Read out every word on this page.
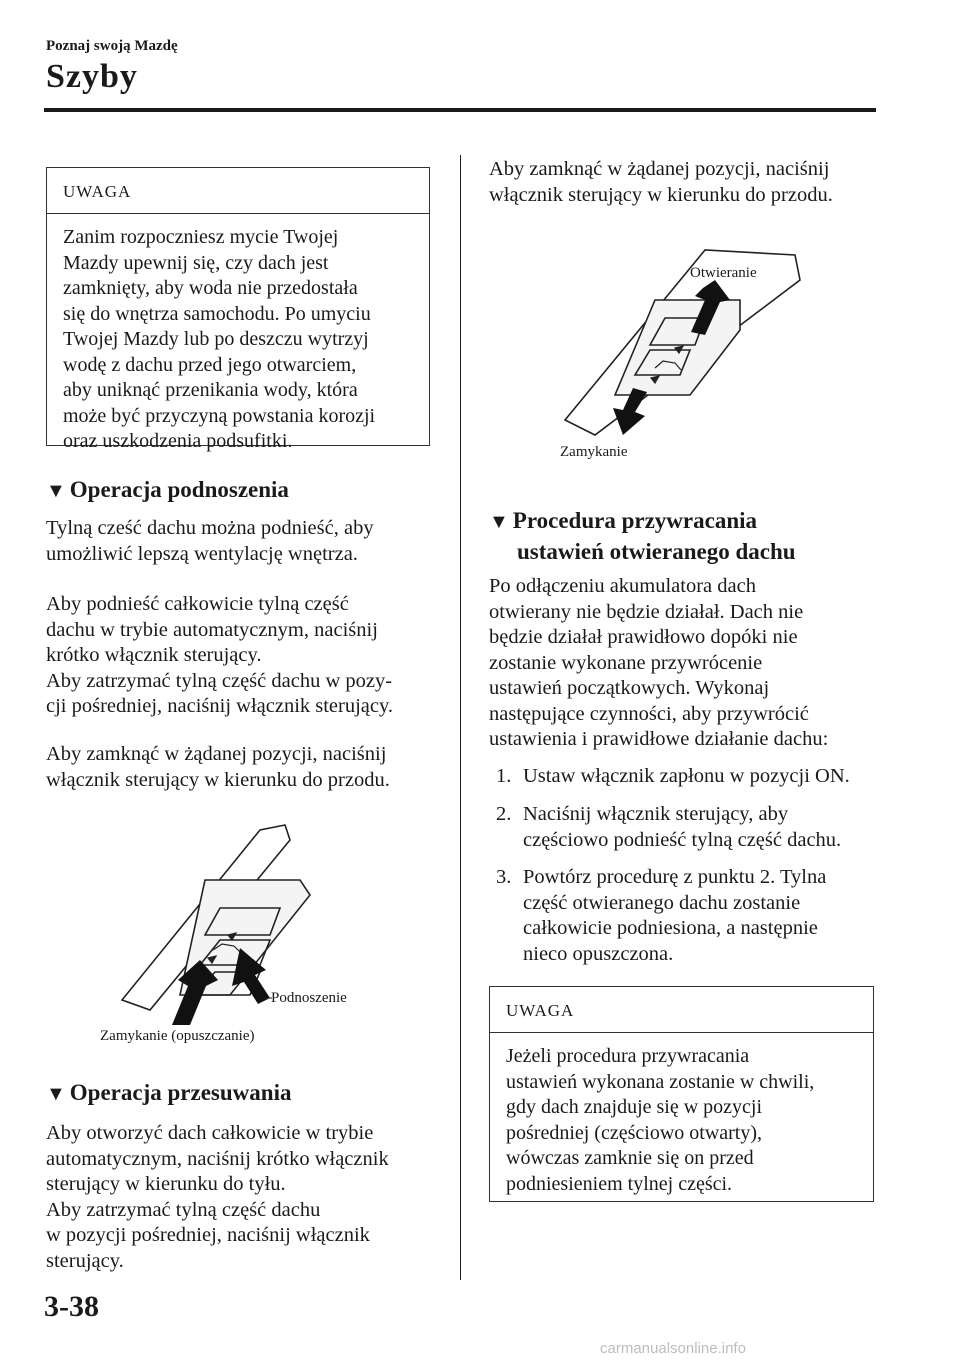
Poznaj swoją Mazdę
Szyby
UWAGA
Zanim rozpoczniesz mycie Twojej
Mazdy upewnij się, czy dach jest
zamknięty, aby woda nie przedostała
się do wnętrza samochodu. Po umyciu
Twojej Mazdy lub po deszczu wytrzyj
wodę z dachu przed jego otwarciem,
aby uniknąć przenikania wody, która
może być przyczyną powstania korozji
oraz uszkodzenia podsufitki.
▼ Operacja podnoszenia
Tylną cześć dachu można podnieść, aby
umożliwić lepszą wentylację wnętrza.
Aby podnieść całkowicie tylną część
dachu w trybie automatycznym, naciśnij
krótko włącznik sterujący.
Aby zatrzymać tylną część dachu w pozy-
cji pośredniej, naciśnij włącznik sterujący.
Aby zamknąć w żądanej pozycji, naciśnij
włącznik sterujący w kierunku do przodu.
Podnoszenie
Zamykanie (opuszczanie)
▼ Operacja przesuwania
Aby otworzyć dach całkowicie w trybie
automatycznym, naciśnij krótko włącznik
sterujący w kierunku do tyłu.
Aby zatrzymać tylną część dachu
w pozycji pośredniej, naciśnij włącznik
sterujący.
Aby zamknąć w żądanej pozycji, naciśnij
włącznik sterujący w kierunku do przodu.
Otwieranie
Zamykanie
▼ Procedura przywracania
ustawień otwieranego dachu
Po odłączeniu akumulatora dach
otwierany nie będzie działał. Dach nie
będzie działał prawidłowo dopóki nie
zostanie wykonane przywrócenie
ustawień początkowych. Wykonaj
następujące czynności, aby przywrócić
ustawienia i prawidłowe działanie dachu:
1. Ustaw włącznik zapłonu w pozycji ON.
2. Naciśnij włącznik sterujący, aby
częściowo podnieść tylną część dachu.
3. Powtórz procedurę z punktu 2. Tylna
część otwieranego dachu zostanie
całkowicie podniesiona, a następnie
nieco opuszczona.
UWAGA
Jeżeli procedura przywracania
ustawień wykonana zostanie w chwili,
gdy dach znajduje się w pozycji
pośredniej (częściowo otwarty),
wówczas zamknie się on przed
podniesieniem tylnej części.
3-38
carmanualsonline.info
